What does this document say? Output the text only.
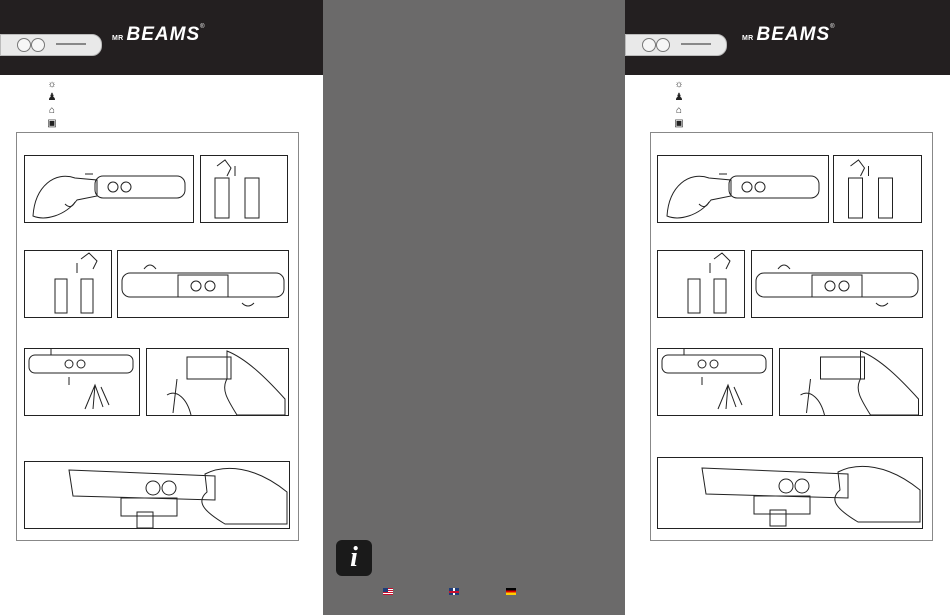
MR BEAMS®
☼
♟
⌂
▣
i
MR BEAMS®
☼
♟
⌂
▣
